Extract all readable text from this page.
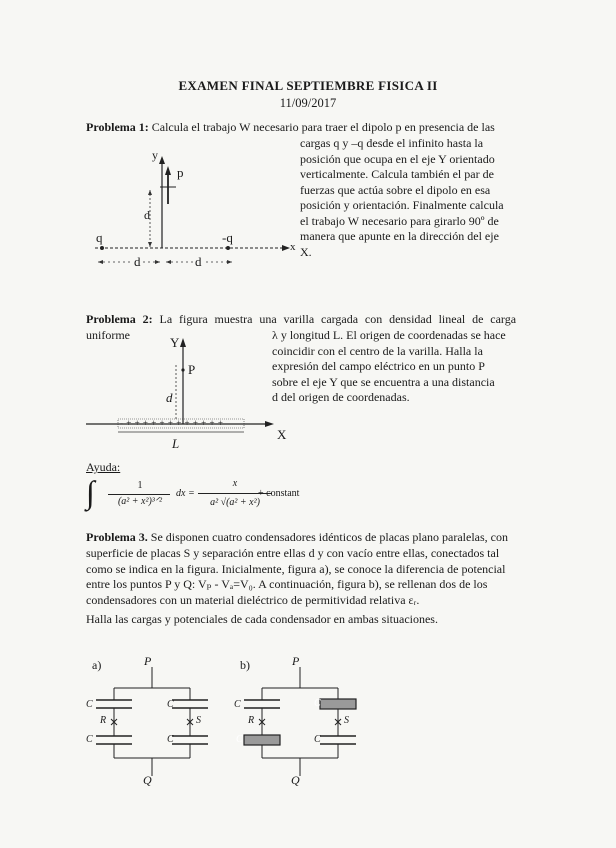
EXAMEN FINAL SEPTIEMBRE FISICA II
11/09/2017
Problema 1: Calcula el trabajo W necesario para traer el dipolo p en presencia de las
cargas q y –q desde el infinito hasta la
posición que ocupa en el eje Y orientado
verticalmente. Calcula también el par de
fuerzas que actúa sobre el dipolo en esa
posición y orientación. Finalmente calcula
el trabajo W necesario para girarlo 90º de
manera que apunte en la dirección del eje
X.
y
p
d
q	-q
x
d	d
Problema 2: La figura muestra una varilla cargada con densidad lineal de carga uniforme	λ y longitud L. El origen de coordenadas se hace
coincidir con el centro de la varilla. Halla la
expresión del campo eléctrico en un punto P
sobre el eje Y que se encuentra a una distancia
d del origen de coordenadas.
Y
P
d
X
- + + + + + + + + + + + +
L
Ayuda:
∫	1
(a² + x²)³ᐟ²
dx =
x
a² √(a² + x²)
+ constant
Problema 3. Se disponen cuatro condensadores idénticos de placas plano paralelas, con
superficie de placas S y separación entre ellas d y con vacío entre ellas, conectados tal
como se indica en la figura. Inicialmente, figura a), se conoce la diferencia de potencial
entre los puntos P y Q: Vₚ - Vₐ=V₀. A continuación, figura b), se rellenan dos de los
condensadores con un material dieléctrico de permitividad relativa εᵣ.
Halla las cargas y potenciales de cada condensador en ambas situaciones.
a)	P
C	C
R	S
C	C
Q
b)	P
C	C
R	S
C	C
Q
